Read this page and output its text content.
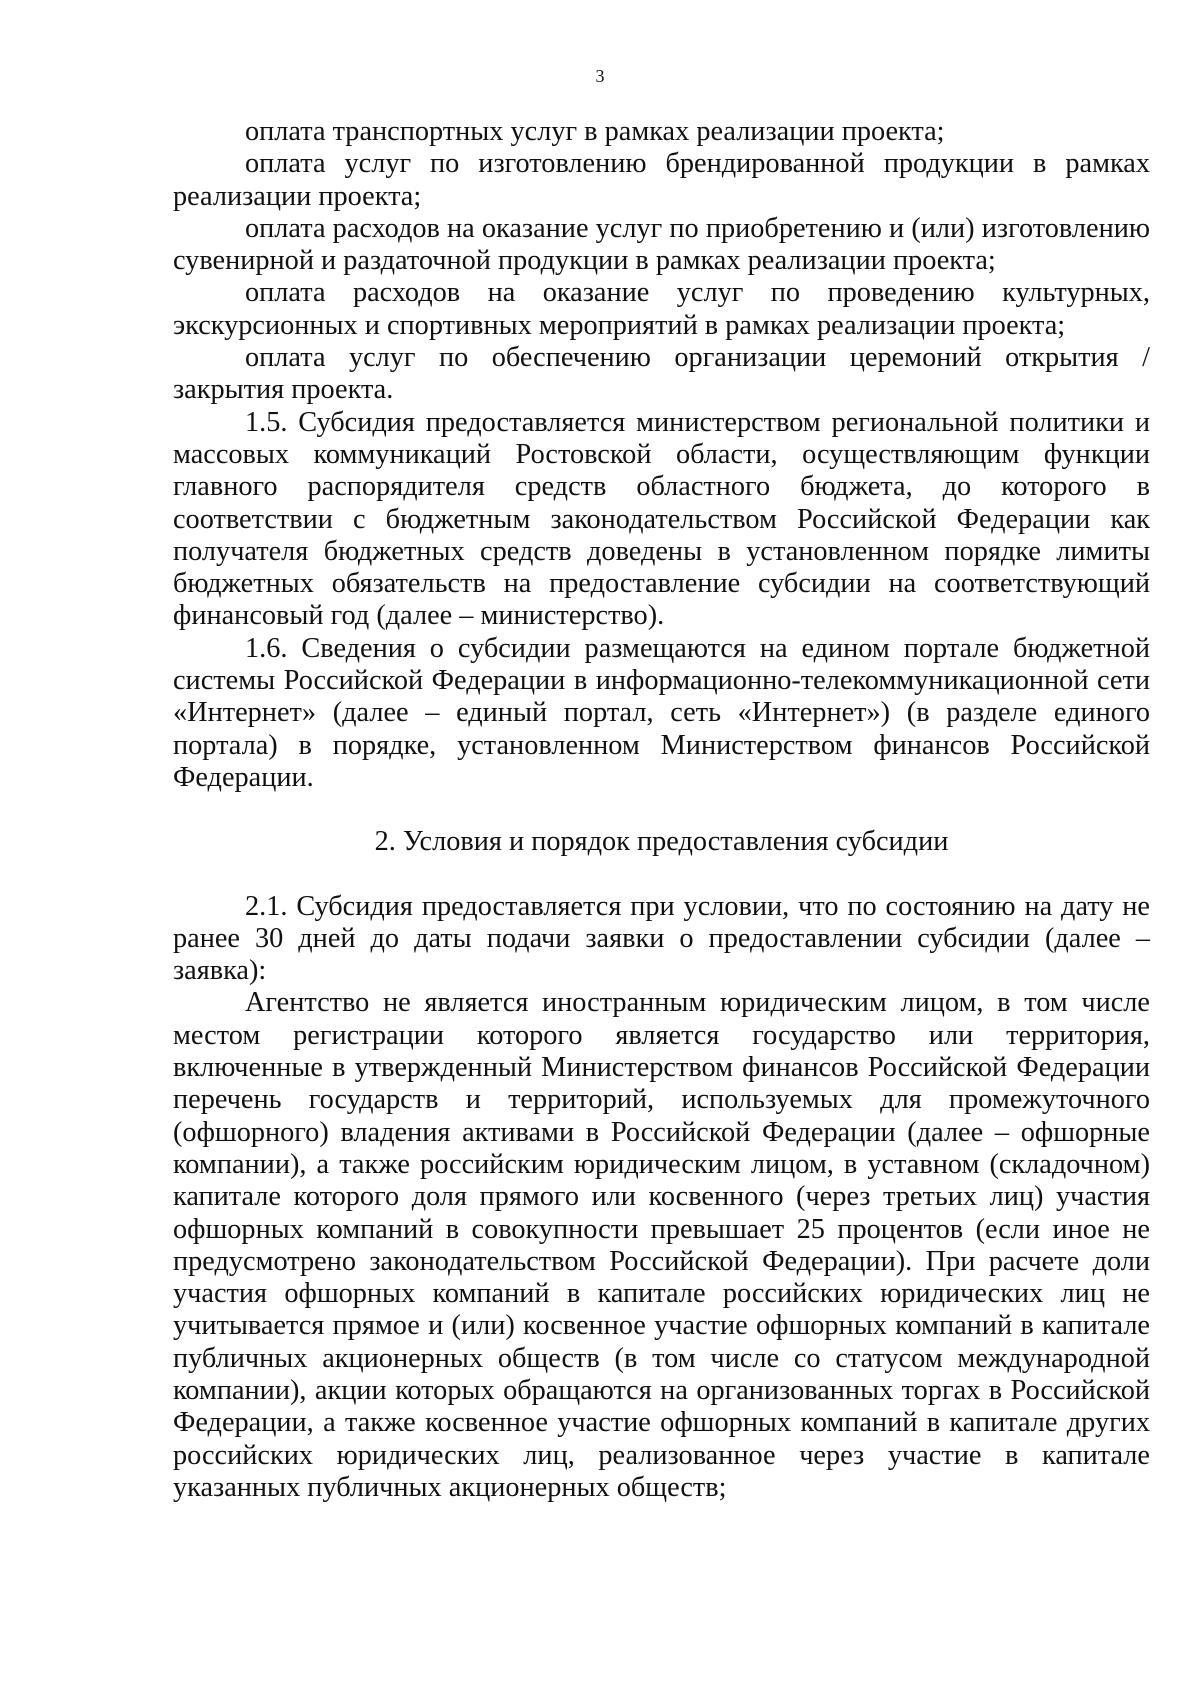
3

оплата транспортных услуг в рамках реализации проекта;

оплата услуг по изготовлению брендированной продукции в рамках реализации проекта;

оплата расходов на оказание услуг по приобретению и (или) изготовлению сувенирной и раздаточной продукции в рамках реализации проекта;

оплата расходов на оказание услуг по проведению культурных, экскурсионных и спортивных мероприятий в рамках реализации проекта;

оплата услуг по обеспечению организации церемоний открытия / закрытия проекта.

1.5. Субсидия предоставляется министерством региональной политики и массовых коммуникаций Ростовской области, осуществляющим функции главного распорядителя средств областного бюджета, до которого в соответствии с бюджетным законодательством Российской Федерации как получателя бюджетных средств доведены в установленном порядке лимиты бюджетных обязательств на предоставление субсидии на соответствующий финансовый год (далее – министерство).

1.6. Сведения о субсидии размещаются на едином портале бюджетной системы Российской Федерации в информационно-телекоммуникационной сети «Интернет» (далее – единый портал, сеть «Интернет») (в разделе единого портала) в порядке, установленном Министерством финансов Российской Федерации.

2. Условия и порядок предоставления субсидии

2.1. Субсидия предоставляется при условии, что по состоянию на дату не ранее 30 дней до даты подачи заявки о предоставлении субсидии (далее – заявка):

Агентство не является иностранным юридическим лицом, в том числе местом регистрации которого является государство или территория, включенные в утвержденный Министерством финансов Российской Федерации перечень государств и территорий, используемых для промежуточного (офшорного) владения активами в Российской Федерации (далее – офшорные компании), а также российским юридическим лицом, в уставном (складочном) капитале которого доля прямого или косвенного (через третьих лиц) участия офшорных компаний в совокупности превышает 25 процентов (если иное не предусмотрено законодательством Российской Федерации). При расчете доли участия офшорных компаний в капитале российских юридических лиц не учитывается прямое и (или) косвенное участие офшорных компаний в капитале публичных акционерных обществ (в том числе со статусом международной компании), акции которых обращаются на организованных торгах в Российской Федерации, а также косвенное участие офшорных компаний в капитале других российских юридических лиц, реализованное через участие в капитале указанных публичных акционерных обществ;
